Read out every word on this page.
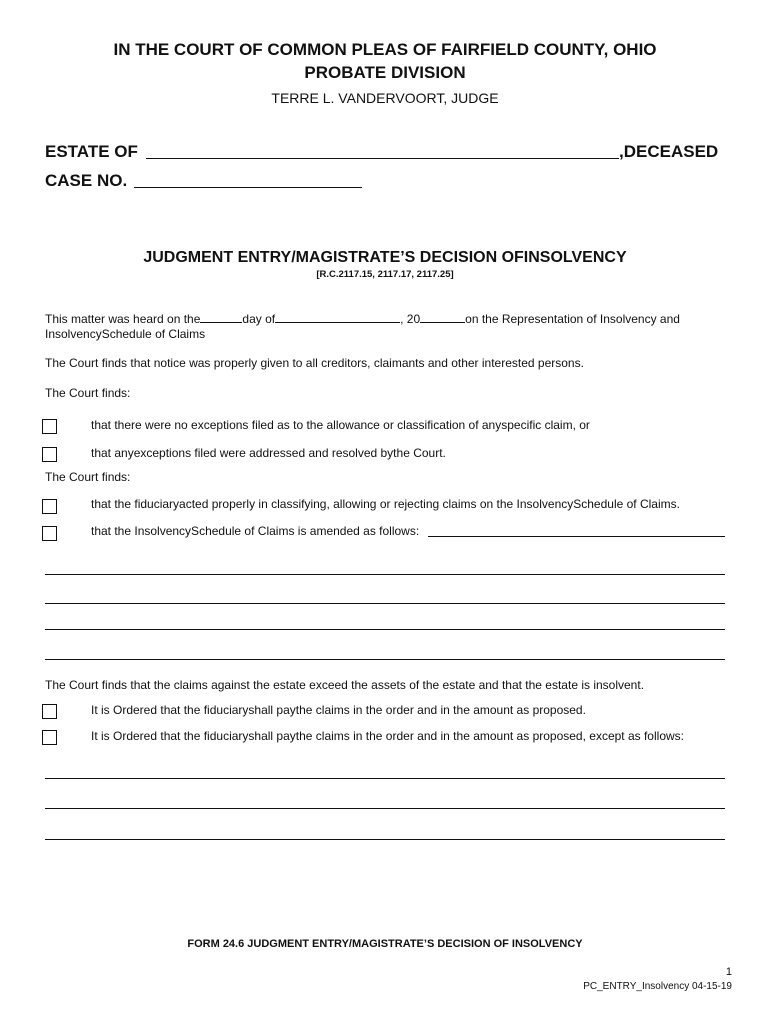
IN THE COURT OF COMMON PLEAS OF FAIRFIELD COUNTY, OHIO
PROBATE DIVISION
TERRE L. VANDERVOORT, JUDGE
ESTATE OF	,DECEASED
CASE NO.
JUDGMENT ENTRY/MAGISTRATE’S DECISION OFINSOLVENCY
[R.C.2117.15, 2117.17, 2117.25]
This matter was heard on the	day of	, 20	on the Representation of Insolvency and
InsolvencySchedule of Claims
The Court finds that notice was properly given to all creditors, claimants and other interested persons.
The Court finds:
that there were no exceptions filed as to the allowance or classification of anyspecific claim, or
that anyexceptions filed were addressed and resolved bythe Court.
The Court finds:
that the fiduciaryacted properly in classifying, allowing or rejecting claims on the InsolvencySchedule of Claims.
that the InsolvencySchedule of Claims is amended as follows:
The Court finds that the claims against the estate exceed the assets of the estate and that the estate is insolvent.
It is Ordered that the fiduciaryshall paythe claims in the order and in the amount as proposed.
It is Ordered that the fiduciaryshall paythe claims in the order and in the amount as proposed, except as follows:
FORM 24.6 JUDGMENT ENTRY/MAGISTRATE’S DECISION OF INSOLVENCY
1
PC_ENTRY_Insolvency 04-15-19
